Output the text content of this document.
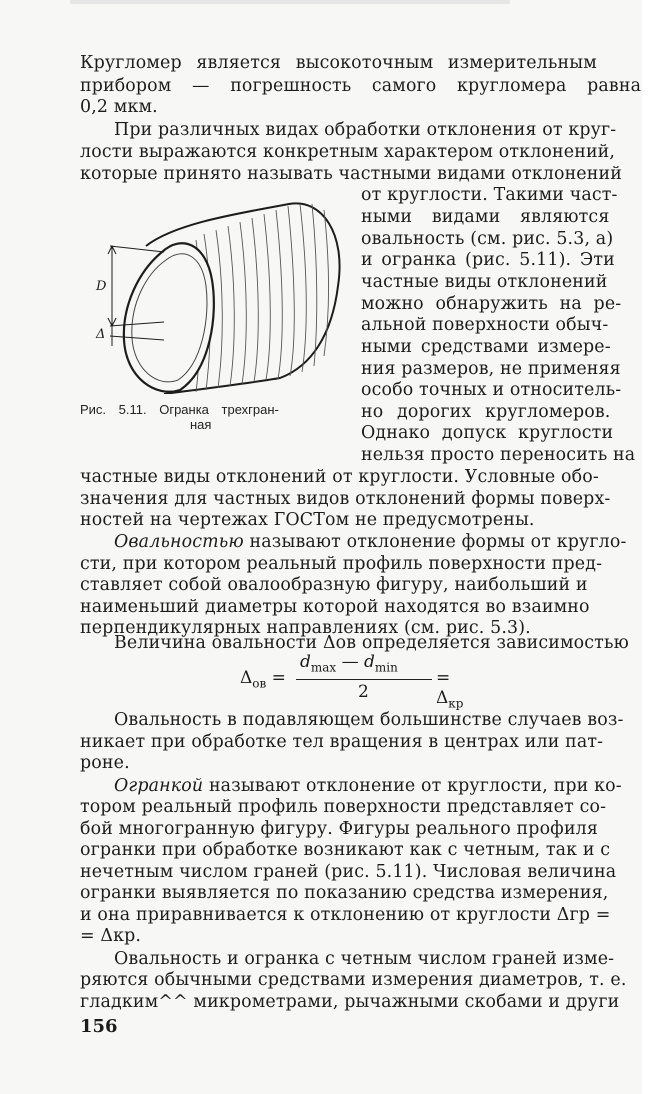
Кругломер является высокоточным измерительным
прибором — погрешность самого кругломера равна
0,2 мкм.
При различных видах обработки отклонения от круг-
лости выражаются конкретным характером отклонений,
которые принято называть частными видами отклонений
от круглости. Такими част-
ными видами являются
овальность (см. рис. 5.3, а)
и огранка (рис. 5.11). Эти
частные виды отклонений
можно обнаружить на ре-
альной поверхности обыч-
ными средствами измере-
ния размеров, не применяя
особо точных и относитель-
но дорогих кругломеров.
Однако допуск круглости
нельзя просто переносить на
D
Δ
Рис. 5.11. Огранка трехгран-
ная
частные виды отклонений от круглости. Условные обо-
значения для частных видов отклонений формы поверх-
ностей на чертежах ГОСТом не предусмотрены.
Овальностью называют отклонение формы от кругло-
сти, при котором реальный профиль поверхности пред-
ставляет собой овалообразную фигуру, наибольший и
наименьший диаметры которой находятся во взаимно
перпендикулярных направлениях (см. рис. 5.3).
Величина овальности Δов определяется зависимостью
$\Delta_{ов}$ =
$d_{max}$ — $d_{min}$
2
= $\Delta_{кр}$
Овальность в подавляющем большинстве случаев воз-
никает при обработке тел вращения в центрах или пат-
роне.
Огранкой называют отклонение от круглости, при ко-
тором реальный профиль поверхности представляет со-
бой многогранную фигуру. Фигуры реального профиля
огранки при обработке возникают как с четным, так и с
нечетным числом граней (рис. 5.11). Числовая величина
огранки выявляется по показанию средства измерения,
и она приравнивается к отклонению от круглости Δгр =
= Δкр.
Овальность и огранка с четным числом граней изме-
ряются обычными средствами измерения диаметров, т. е.
гладким^^ микрометрами, рычажными скобами и други
156
